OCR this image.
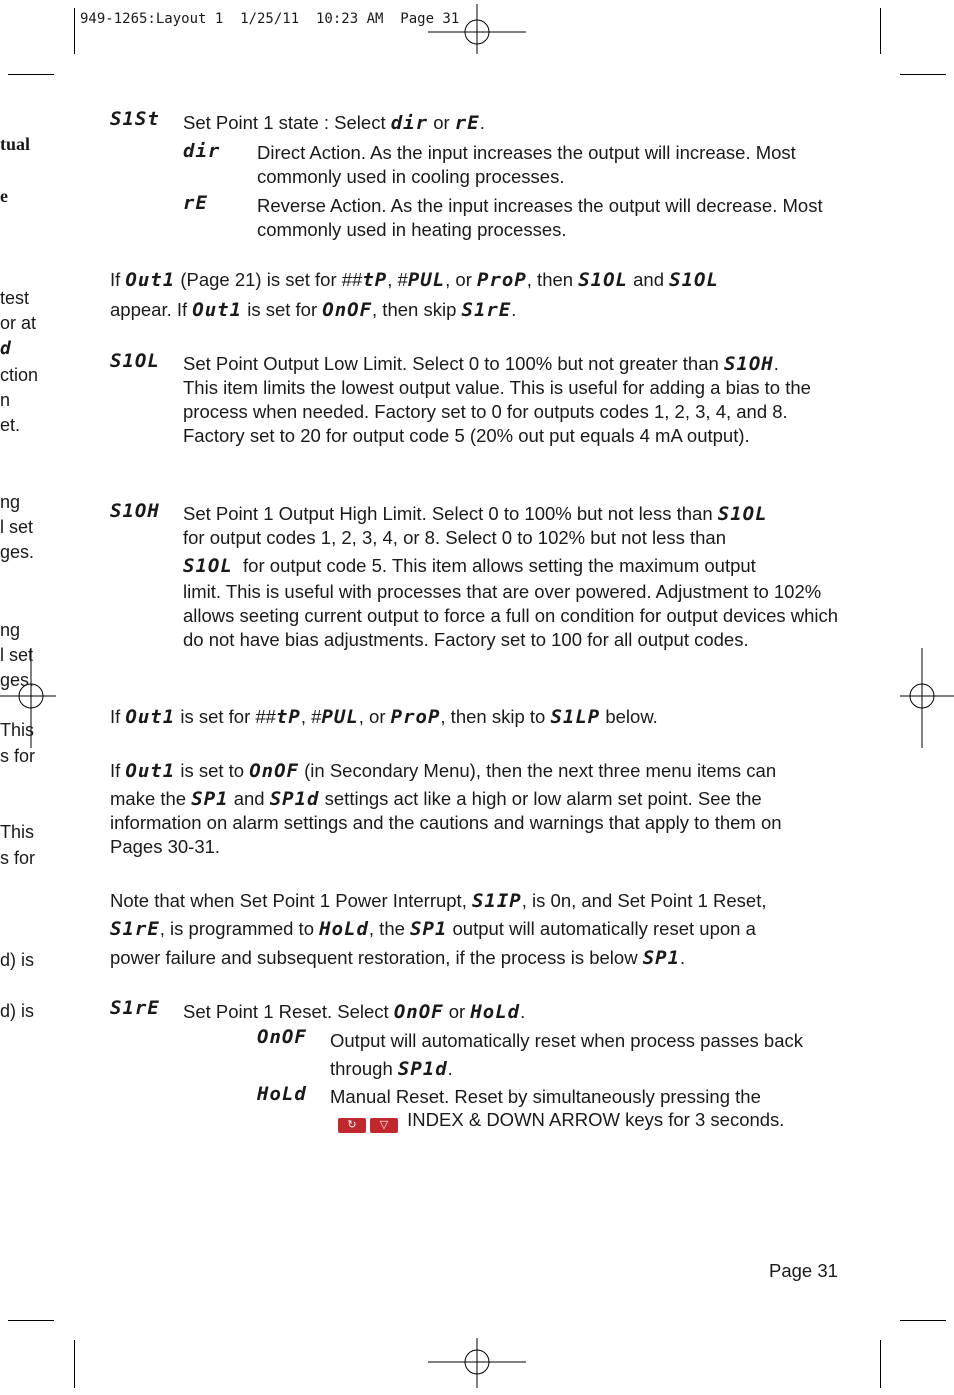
949-1265:Layout 1  1/25/11  10:23 AM  Page 31
tual
e
test
or at
d
ction
n
et.
ng
l set
ges.
ng
l set
ges.
This
s for
This
s for
d) is
d) is
S1St Set Point 1 state : Select dir or rE.
dir Direct Action. As the input increases the output will increase. Most commonly used in cooling processes.
rE	Reverse Action. As the input increases the output will decrease. Most commonly used in heating processes.
If Out1 (Page 21) is set for ##tP, #PUL, or ProP, then S1OL and S1OL
appear. If Out1 is set for OnOF, then skip S1rE.
S1OL Set Point Output Low Limit. Select 0 to 100% but not greater than S1OH.
This item limits the lowest output value. This is useful for adding a bias to the process when needed. Factory set to 0 for outputs codes 1, 2, 3, 4, and 8. Factory set to 20 for output code 5 (20% out put equals 4 mA output).
S1OH Set Point 1 Output High Limit. Select 0 to 100% but not less than S1OL
for output codes 1, 2, 3, 4, or 8. Select 0 to 102% but not less than
S1OL for output code 5. This item allows setting the maximum output
limit. This is useful with processes that are over powered. Adjustment to 102% allows seeting current output to force a full on condition for output devices which do not have bias adjustments. Factory set to 100 for all output codes.
If Out1 is set for ##tP, #PUL, or ProP, then skip to S1LP below.
If Out1 is set to OnOF (in Secondary Menu), then the next three menu items can
make the SP1 and SP1d settings act like a high or low alarm set point. See the
information on alarm settings and the cautions and warnings that apply to them on
Pages 30-31.
Note that when Set Point 1 Power Interrupt, S1IP, is 0n, and Set Point 1 Reset,
S1rE, is programmed to HoLd, the SP1 output will automatically reset upon a
power failure and subsequent restoration, if the process is below SP1.
S1rE Set Point 1 Reset. Select OnOF or HoLd.
OnOF Output will automatically reset when process passes back
through SP1d.
HoLd Manual Reset. Reset by simultaneously pressing the
↻ ▽ INDEX & DOWN ARROW keys for 3 seconds.
Page 31
